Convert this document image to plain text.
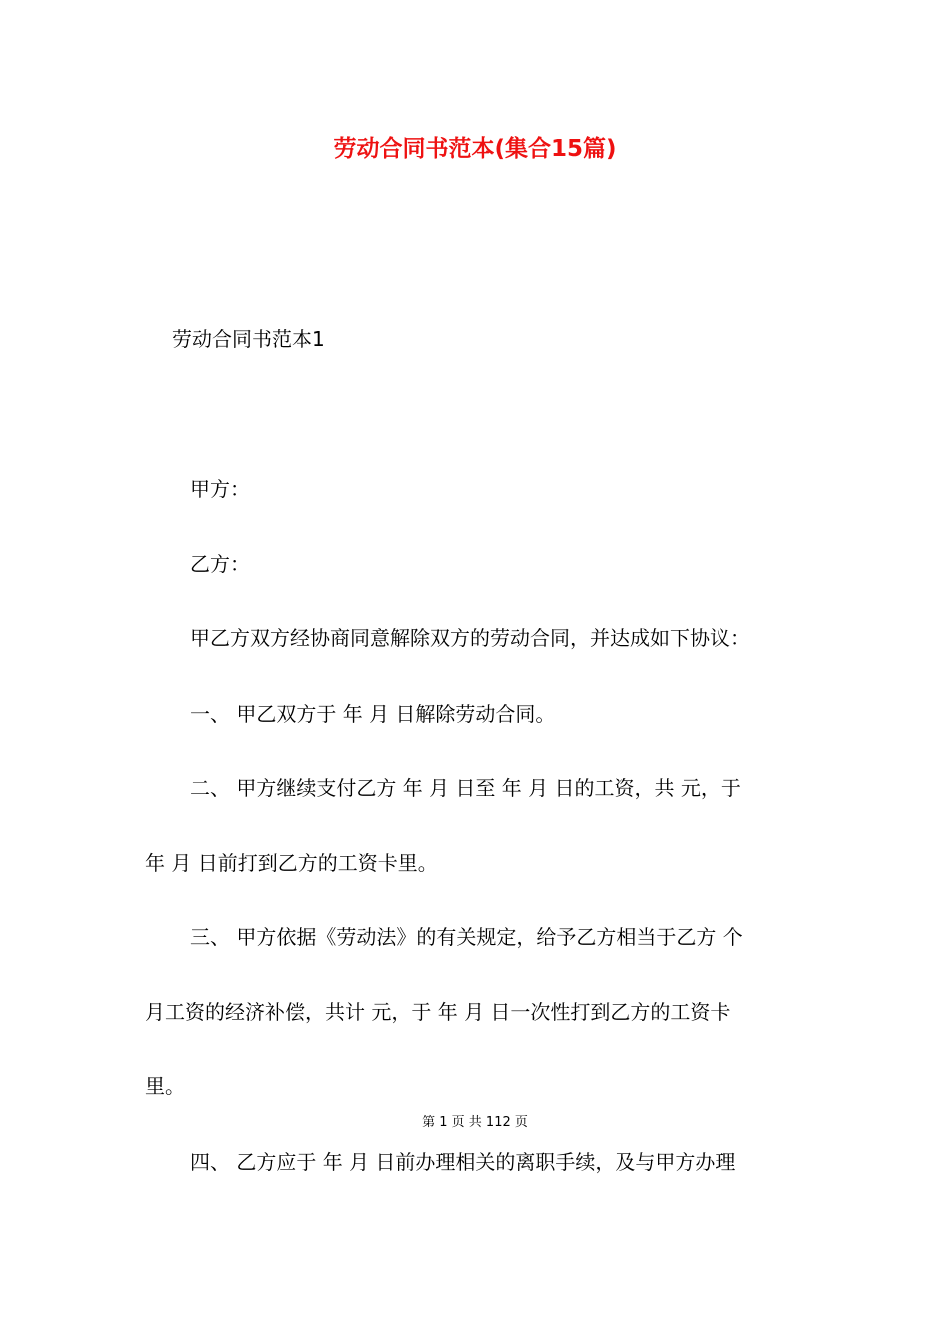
劳动合同书范本(集合15篇)
劳动合同书范本1
甲方：
乙方：
甲乙方双方经协商同意解除双方的劳动合同，并达成如下协议：
一、 甲乙双方于 年 月 日解除劳动合同。
二、 甲方继续支付乙方 年 月 日至 年 月 日的工资，共 元，于
年 月 日前打到乙方的工资卡里。
三、 甲方依据《劳动法》的有关规定，给予乙方相当于乙方 个
月工资的经济补偿，共计 元，于 年 月 日一次性打到乙方的工资卡
里。
第 1 页 共 112 页
四、 乙方应于 年 月 日前办理相关的离职手续，及与甲方办理
